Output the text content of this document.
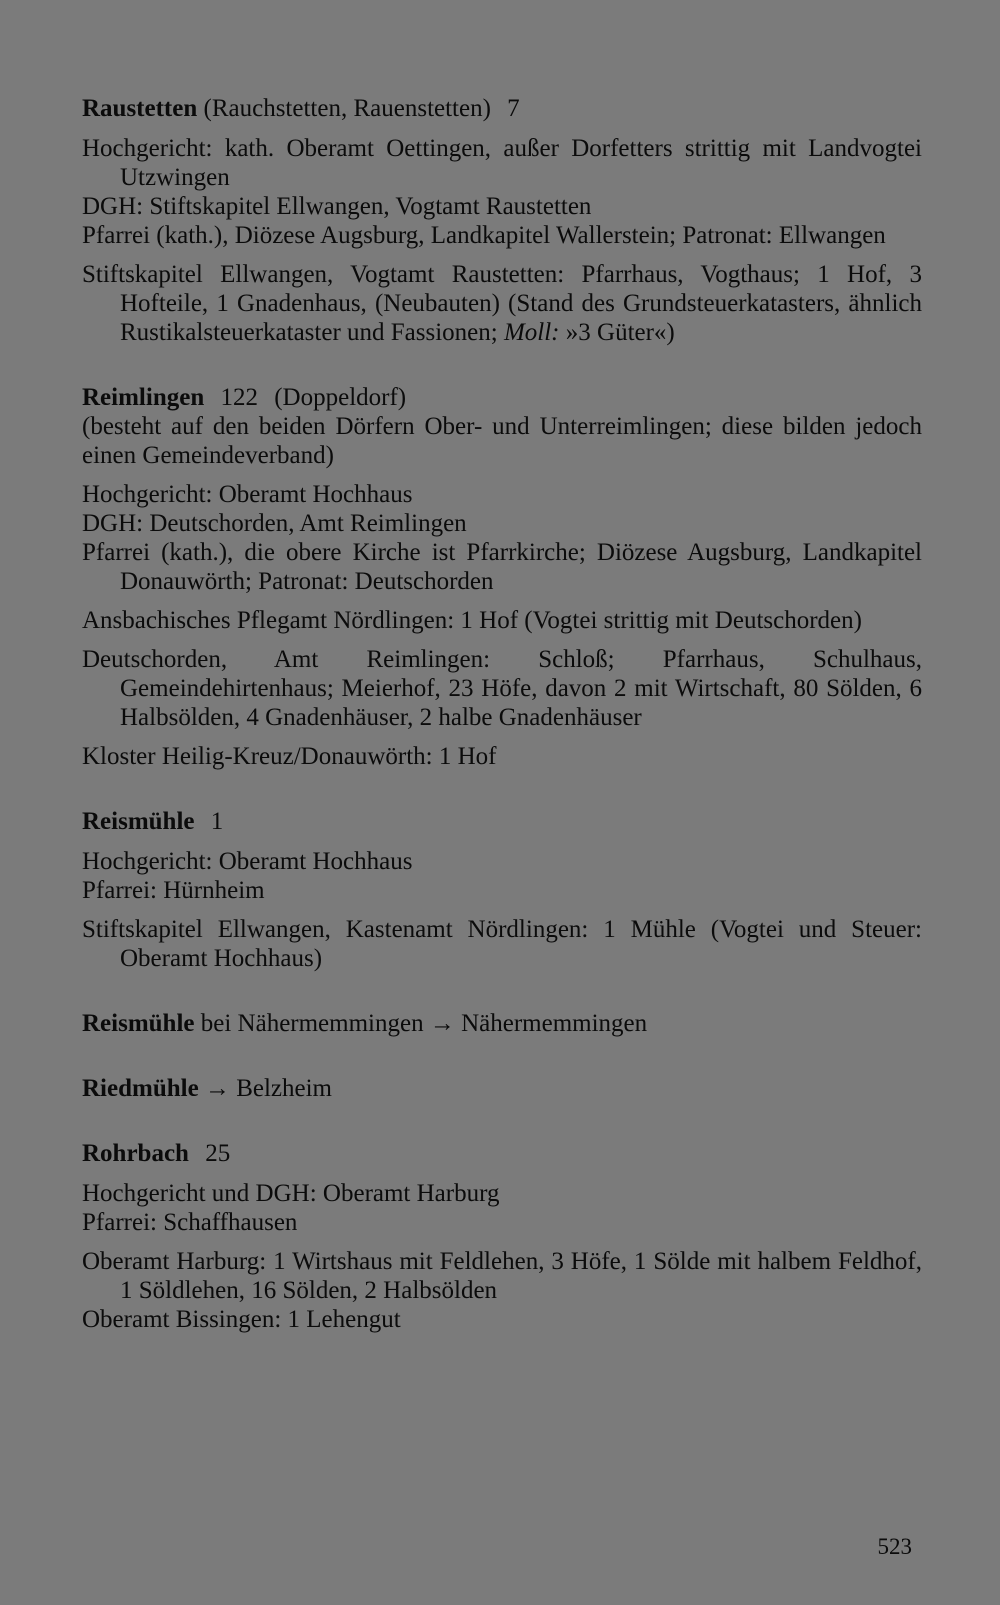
Raustetten (Rauchstetten, Rauenstetten) 7
Hochgericht: kath. Oberamt Oettingen, außer Dorfetters strittig mit Landvogtei Utzwingen
DGH: Stiftskapitel Ellwangen, Vogtamt Raustetten
Pfarrei (kath.), Diözese Augsburg, Landkapitel Wallerstein; Patronat: Ellwangen
Stiftskapitel Ellwangen, Vogtamt Raustetten: Pfarrhaus, Vogthaus; 1 Hof, 3 Hofteile, 1 Gnadenhaus, (Neubauten) (Stand des Grundsteuerkatasters, ähnlich Rustikalsteuerkataster und Fassionen; Moll: »3 Güter«)
Reimlingen 122 (Doppeldorf)
(besteht auf den beiden Dörfern Ober- und Unterreimlingen; diese bilden jedoch einen Gemeindeverband)
Hochgericht: Oberamt Hochhaus
DGH: Deutschorden, Amt Reimlingen
Pfarrei (kath.), die obere Kirche ist Pfarrkirche; Diözese Augsburg, Landkapitel Donauwörth; Patronat: Deutschorden
Ansbachisches Pflegamt Nördlingen: 1 Hof (Vogtei strittig mit Deutschorden)
Deutschorden, Amt Reimlingen: Schloß; Pfarrhaus, Schulhaus, Gemeindehirtenhaus; Meierhof, 23 Höfe, davon 2 mit Wirtschaft, 80 Sölden, 6 Halbsölden, 4 Gnadenhäuser, 2 halbe Gnadenhäuser
Kloster Heilig-Kreuz/Donauwörth: 1 Hof
Reismühle 1
Hochgericht: Oberamt Hochhaus
Pfarrei: Hürnheim
Stiftskapitel Ellwangen, Kastenamt Nördlingen: 1 Mühle (Vogtei und Steuer: Oberamt Hochhaus)
Reismühle bei Nähermemmingen → Nähermemmingen
Riedmühle → Belzheim
Rohrbach 25
Hochgericht und DGH: Oberamt Harburg
Pfarrei: Schaffhausen
Oberamt Harburg: 1 Wirtshaus mit Feldlehen, 3 Höfe, 1 Sölde mit halbem Feldhof, 1 Söldlehen, 16 Sölden, 2 Halbsölden
Oberamt Bissingen: 1 Lehengut
523
